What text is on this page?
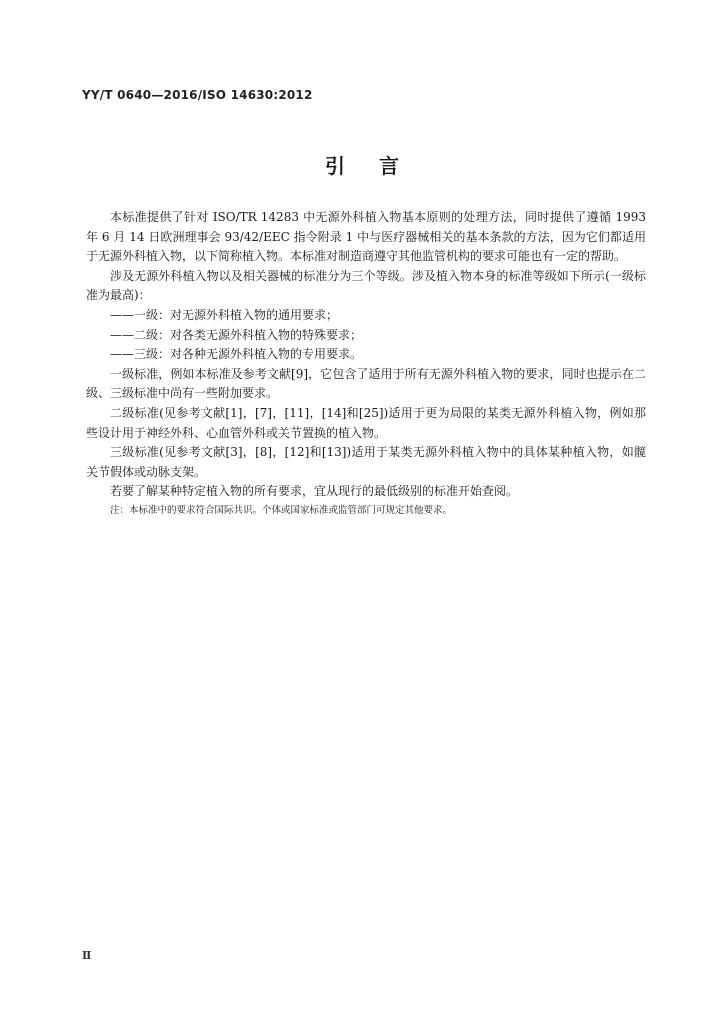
YY/T 0640—2016/ISO 14630:2012
引言

本标准提供了针对 ISO/TR 14283 中无源外科植入物基本原则的处理方法，同时提供了遵循 1993 年 6 月 14 日欧洲理事会 93/42/EEC 指令附录 1 中与医疗器械相关的基本条款的方法，因为它们都适用于无源外科植入物，以下简称植入物。本标准对制造商遵守其他监管机构的要求可能也有一定的帮助。

涉及无源外科植入物以及相关器械的标准分为三个等级。涉及植入物本身的标准等级如下所示(一级标准为最高)：

——一级：对无源外科植入物的通用要求；

——二级：对各类无源外科植入物的特殊要求；

——三级：对各种无源外科植入物的专用要求。

一级标准，例如本标准及参考文献[9]，它包含了适用于所有无源外科植入物的要求，同时也提示在二级、三级标准中尚有一些附加要求。

二级标准(见参考文献[1]，[7]，[11]，[14]和[25])适用于更为局限的某类无源外科植入物，例如那些设计用于神经外科、心血管外科或关节置换的植入物。

三级标准(见参考文献[3]，[8]，[12]和[13])适用于某类无源外科植入物中的具体某种植入物，如髋关节假体或动脉支架。

若要了解某种特定植入物的所有要求，宜从现行的最低级别的标准开始查阅。

注：本标准中的要求符合国际共识。个体或国家标准或监管部门可规定其他要求。

Ⅱ
